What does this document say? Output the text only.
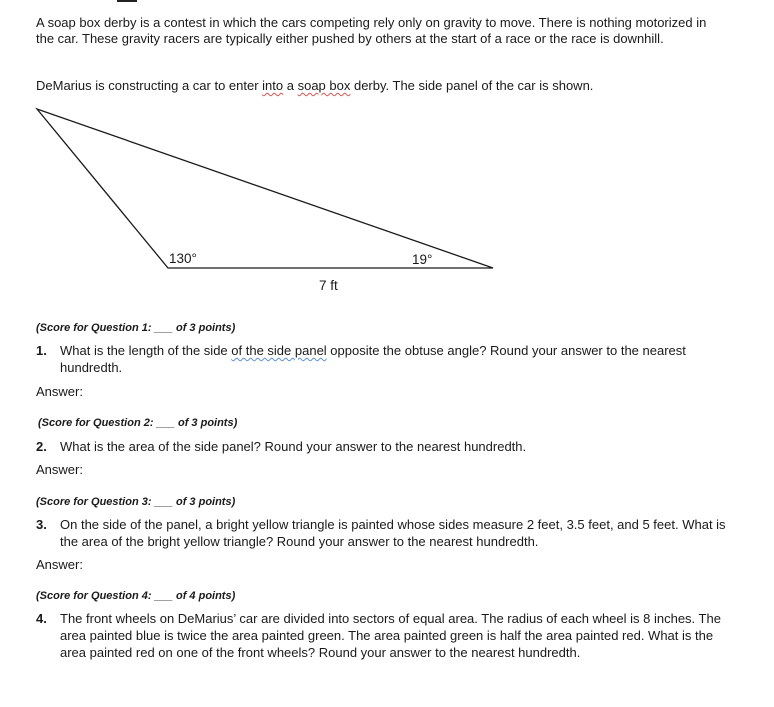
A soap box derby is a contest in which the cars competing rely only on gravity to move. There is nothing motorized in the car. These gravity racers are typically either pushed by others at the start of a race or the race is downhill.

DeMarius is constructing a car to enter into a soap box derby. The side panel of the car is shown.

130°	19°
7 ft
(Score for Question 1: ___ of 3 points)
1. What is the length of the side of the side panel opposite the obtuse angle? Round your answer to the nearest hundredth.
Answer:
(Score for Question 2: ___ of 3 points)
2. What is the area of the side panel? Round your answer to the nearest hundredth.
Answer:
(Score for Question 3: ___ of 3 points)
3. On the side of the panel, a bright yellow triangle is painted whose sides measure 2 feet, 3.5 feet, and 5 feet. What is the area of the bright yellow triangle? Round your answer to the nearest hundredth.
Answer:
(Score for Question 4: ___ of 4 points)
4. The front wheels on DeMarius’ car are divided into sectors of equal area. The radius of each wheel is 8 inches. The area painted blue is twice the area painted green. The area painted green is half the area painted red. What is the area painted red on one of the front wheels? Round your answer to the nearest hundredth.
